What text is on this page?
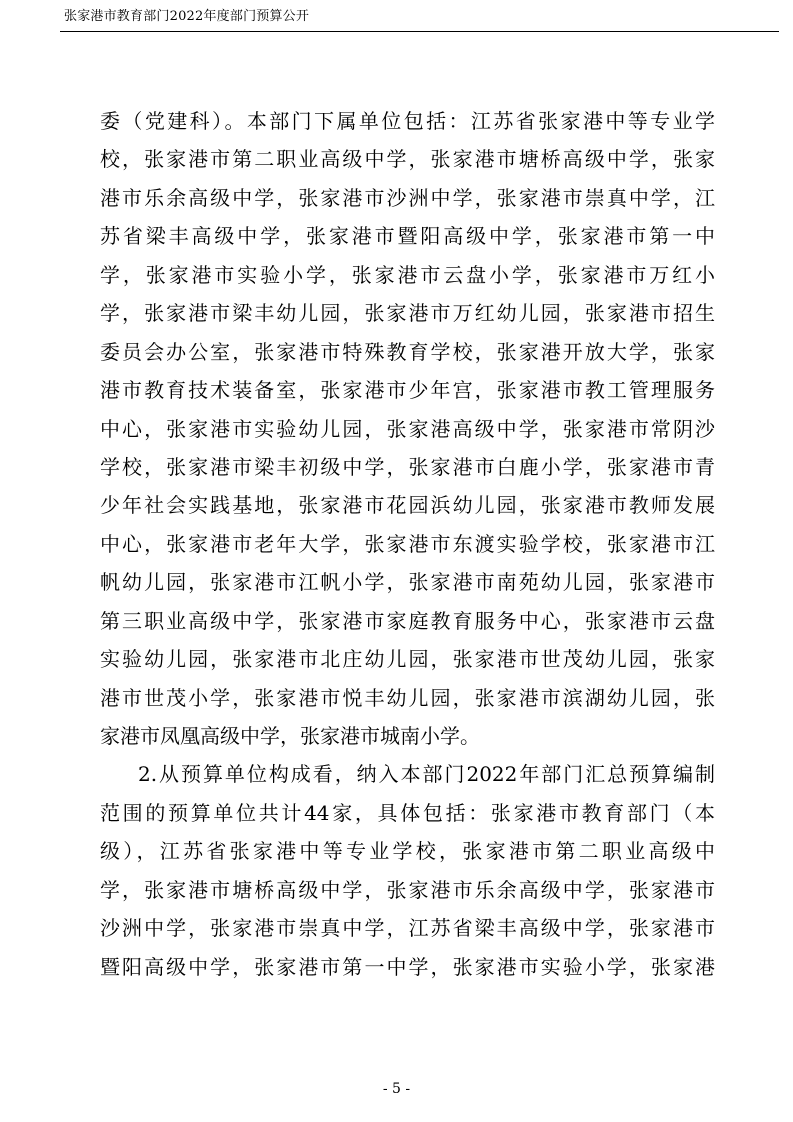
张家港市教育部门2022年度部门预算公开
委（党建科）。本部门下属单位包括：江苏省张家港中等专业学
校，张家港市第二职业高级中学，张家港市塘桥高级中学，张家
港市乐余高级中学，张家港市沙洲中学，张家港市崇真中学，江
苏省梁丰高级中学，张家港市暨阳高级中学，张家港市第一中
学，张家港市实验小学，张家港市云盘小学，张家港市万红小
学，张家港市梁丰幼儿园，张家港市万红幼儿园，张家港市招生
委员会办公室，张家港市特殊教育学校，张家港开放大学，张家
港市教育技术装备室，张家港市少年宫，张家港市教工管理服务
中心，张家港市实验幼儿园，张家港高级中学，张家港市常阴沙
学校，张家港市梁丰初级中学，张家港市白鹿小学，张家港市青
少年社会实践基地，张家港市花园浜幼儿园，张家港市教师发展
中心，张家港市老年大学，张家港市东渡实验学校，张家港市江
帆幼儿园，张家港市江帆小学，张家港市南苑幼儿园，张家港市
第三职业高级中学，张家港市家庭教育服务中心，张家港市云盘
实验幼儿园，张家港市北庄幼儿园，张家港市世茂幼儿园，张家
港市世茂小学，张家港市悦丰幼儿园，张家港市滨湖幼儿园，张
家港市凤凰高级中学，张家港市城南小学。
2.从预算单位构成看，纳入本部门2022年部门汇总预算编制
范围的预算单位共计44家，具体包括：张家港市教育部门（本
级），江苏省张家港中等专业学校，张家港市第二职业高级中
学，张家港市塘桥高级中学，张家港市乐余高级中学，张家港市
沙洲中学，张家港市崇真中学，江苏省梁丰高级中学，张家港市
暨阳高级中学，张家港市第一中学，张家港市实验小学，张家港
- 5 -
